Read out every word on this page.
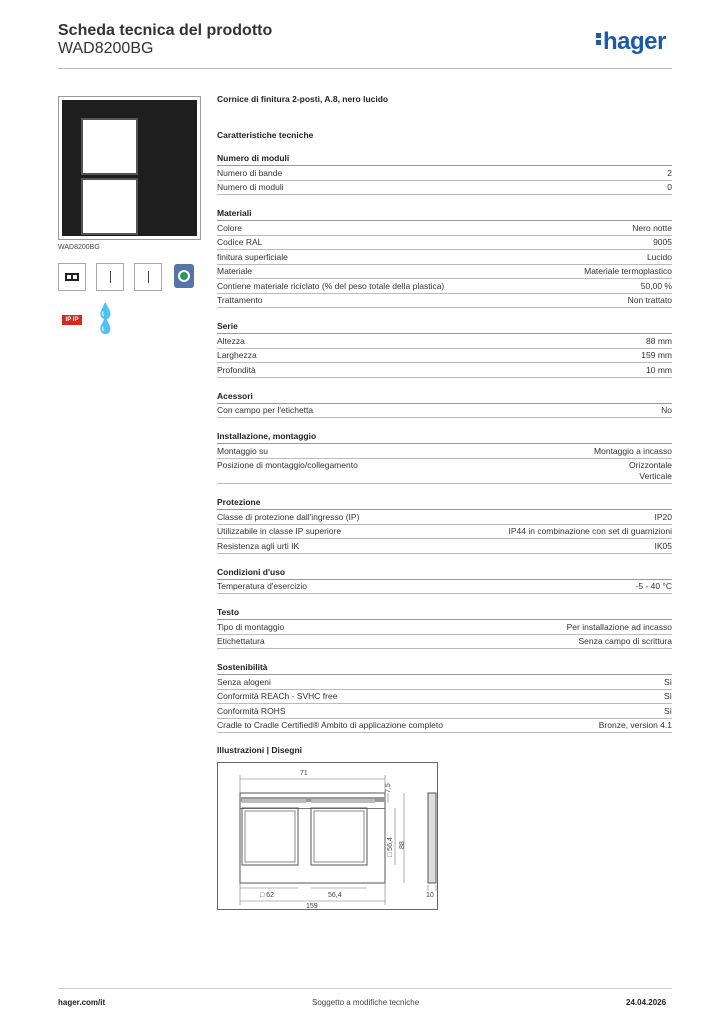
Scheda tecnica del prodotto
WAD8200BG	hager
WAD8200BG
IP IP 💧💧
Cornice di finitura 2-posti, A.8, nero lucido
Caratteristiche tecniche
Numero di moduli
Numero di bande	2
Numero di moduli	0
Materiali
Colore	Nero notte
Codice RAL	9005
finitura superficiale	Lucido
Materiale	Materiale termoplastico
Contiene materiale riciclato (% del peso totale della plastica)	50,00 %
Trattamento	Non trattato
Serie
Altezza	88 mm
Larghezza	159 mm
Profondità	10 mm
Acessori
Con campo per l'etichetta	No
Installazione, montaggio
Montaggio su	Montaggio a incasso
Posizione di montaggio/collegamento	Orizzontale
Verticale
Protezione
Classe di protezione dall'ingresso (IP)	IP20
Utilizzabile in classe IP superiore	IP44 in combinazione con set di guarnizioni
Resistenza agli urti IK	IK05
Condizioni d'uso
Temperatura d'esercizio	-5 - 40 °C
Testo
Tipo di montaggio	Per installazione ad incasso
Etichettatura	Senza campo di scrittura
Sostenibilità
Senza alogeni	Sì
Conformità REACh - SVHC free	Sì
Conformità ROHS	Sì
Cradle to Cradle Certified® Ambito di applicazione completo	Bronze, version 4.1
Illustrazioni | Disegni
71
7,5
□ 56,4 88
□ 62	56,4
159
10
hager.com/it	Soggetto a modifiche tecniche	24.04.2026
